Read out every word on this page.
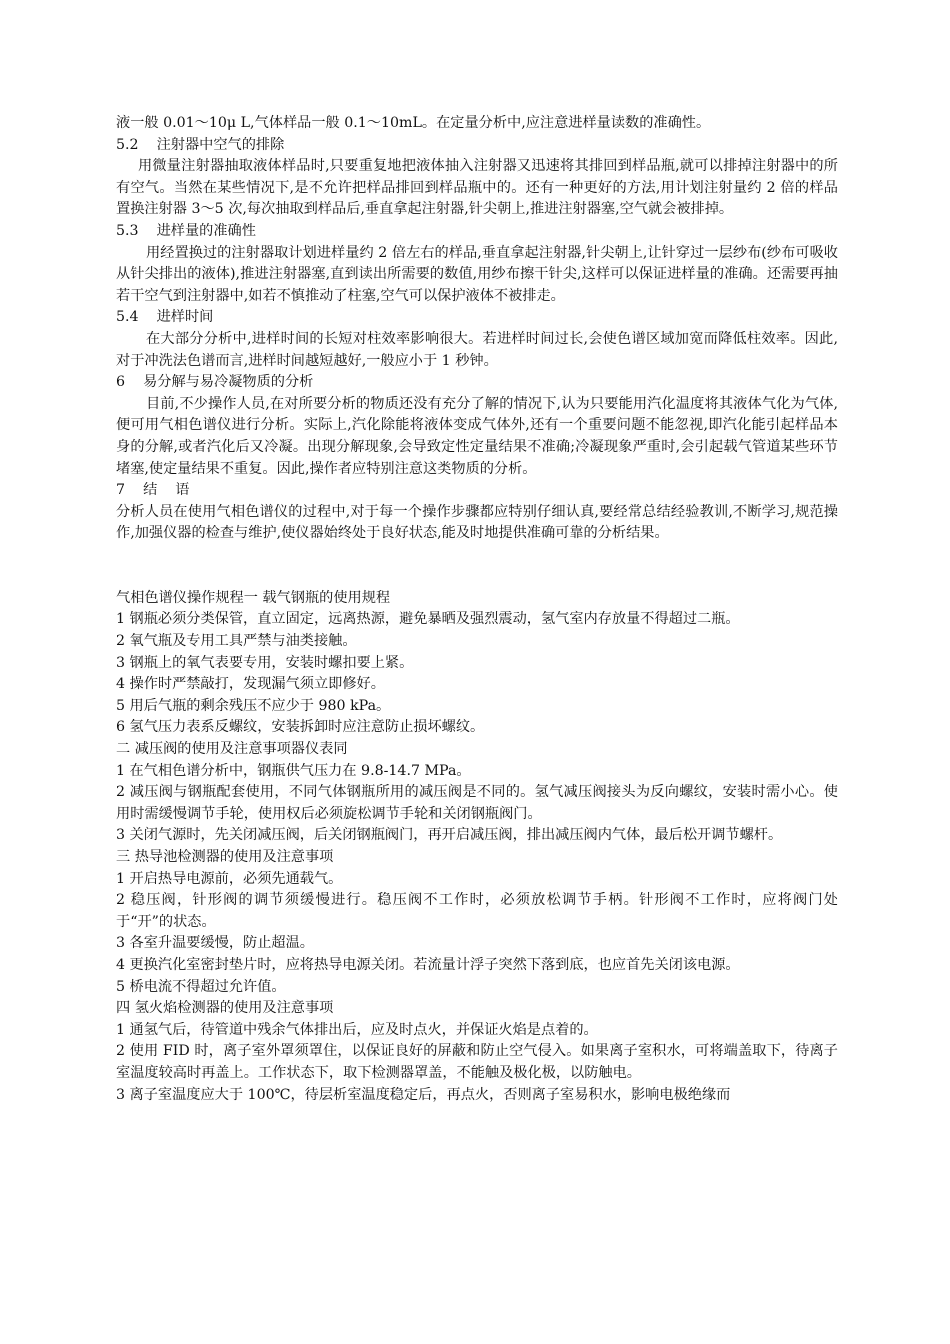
液一般 0.01～10μ L,气体样品一般 0.1～10mL。在定量分析中,应注意进样量读数的准确性。
5.2    注射器中空气的排除
用微量注射器抽取液体样品时,只要重复地把液体抽入注射器又迅速将其排回到样品瓶,就可以排掉注射器中的所有空气。当然在某些情况下,是不允许把样品排回到样品瓶中的。还有一种更好的方法,用计划注射量约 2 倍的样品置换注射器 3～5 次,每次抽取到样品后,垂直拿起注射器,针尖朝上,推进注射器塞,空气就会被排掉。
5.3    进样量的准确性
用经置换过的注射器取计划进样量约 2 倍左右的样品,垂直拿起注射器,针尖朝上,让针穿过一层纱布(纱布可吸收从针尖排出的液体),推进注射器塞,直到读出所需要的数值,用纱布擦干针尖,这样可以保证进样量的准确。还需要再抽若干空气到注射器中,如若不慎推动了柱塞,空气可以保护液体不被排走。
5.4    进样时间
在大部分分析中,进样时间的长短对柱效率影响很大。若进样时间过长,会使色谱区域加宽而降低柱效率。因此,对于冲洗法色谱而言,进样时间越短越好,一般应小于 1 秒钟。
6    易分解与易冷凝物质的分析
目前,不少操作人员,在对所要分析的物质还没有充分了解的情况下,认为只要能用汽化温度将其液体气化为气体,便可用气相色谱仪进行分析。实际上,汽化除能将液体变成气体外,还有一个重要问题不能忽视,即汽化能引起样品本身的分解,或者汽化后又冷凝。出现分解现象,会导致定性定量结果不准确;冷凝现象严重时,会引起载气管道某些环节堵塞,使定量结果不重复。因此,操作者应特别注意这类物质的分析。
7    结    语
分析人员在使用气相色谱仪的过程中,对于每一个操作步骤都应特别仔细认真,要经常总结经验教训,不断学习,规范操作,加强仪器的检查与维护,使仪器始终处于良好状态,能及时地提供准确可靠的分析结果。
气相色谱仪操作规程一 载气钢瓶的使用规程
1 钢瓶必须分类保管，直立固定，远离热源，避免暴晒及强烈震动，氢气室内存放量不得超过二瓶。
2 氧气瓶及专用工具严禁与油类接触。
3 钢瓶上的氧气表要专用，安装时螺扣要上紧。
4 操作时严禁敲打，发现漏气须立即修好。
5 用后气瓶的剩余残压不应少于 980 kPa。
6 氢气压力表系反螺纹，安装拆卸时应注意防止损坏螺纹。
二 减压阀的使用及注意事项器仪表同
1 在气相色谱分析中，钢瓶供气压力在 9.8-14.7 MPa。
2 减压阀与钢瓶配套使用，不同气体钢瓶所用的减压阀是不同的。氢气减压阀接头为反向螺纹，安装时需小心。使用时需缓慢调节手轮，使用权后必须旋松调节手轮和关闭钢瓶阀门。
3 关闭气源时，先关闭减压阀，后关闭钢瓶阀门，再开启减压阀，排出减压阀内气体，最后松开调节螺杆。
三 热导池检测器的使用及注意事项
1 开启热导电源前，必须先通载气。
2 稳压阀，针形阀的调节须缓慢进行。稳压阀不工作时，必须放松调节手柄。针形阀不工作时，应将阀门处于“开”的状态。
3 各室升温要缓慢，防止超温。
4 更换汽化室密封垫片时，应将热导电源关闭。若流量计浮子突然下落到底，也应首先关闭该电源。
5 桥电流不得超过允许值。
四 氢火焰检测器的使用及注意事项
1 通氢气后，待管道中残余气体排出后，应及时点火，并保证火焰是点着的。
2 使用 FID 时，离子室外罩须罩住，以保证良好的屏蔽和防止空气侵入。如果离子室积水，可将端盖取下，待离子室温度较高时再盖上。工作状态下，取下检测器罩盖，不能触及极化极，以防触电。
3 离子室温度应大于 100℃，待层析室温度稳定后，再点火，否则离子室易积水，影响电极绝缘而
